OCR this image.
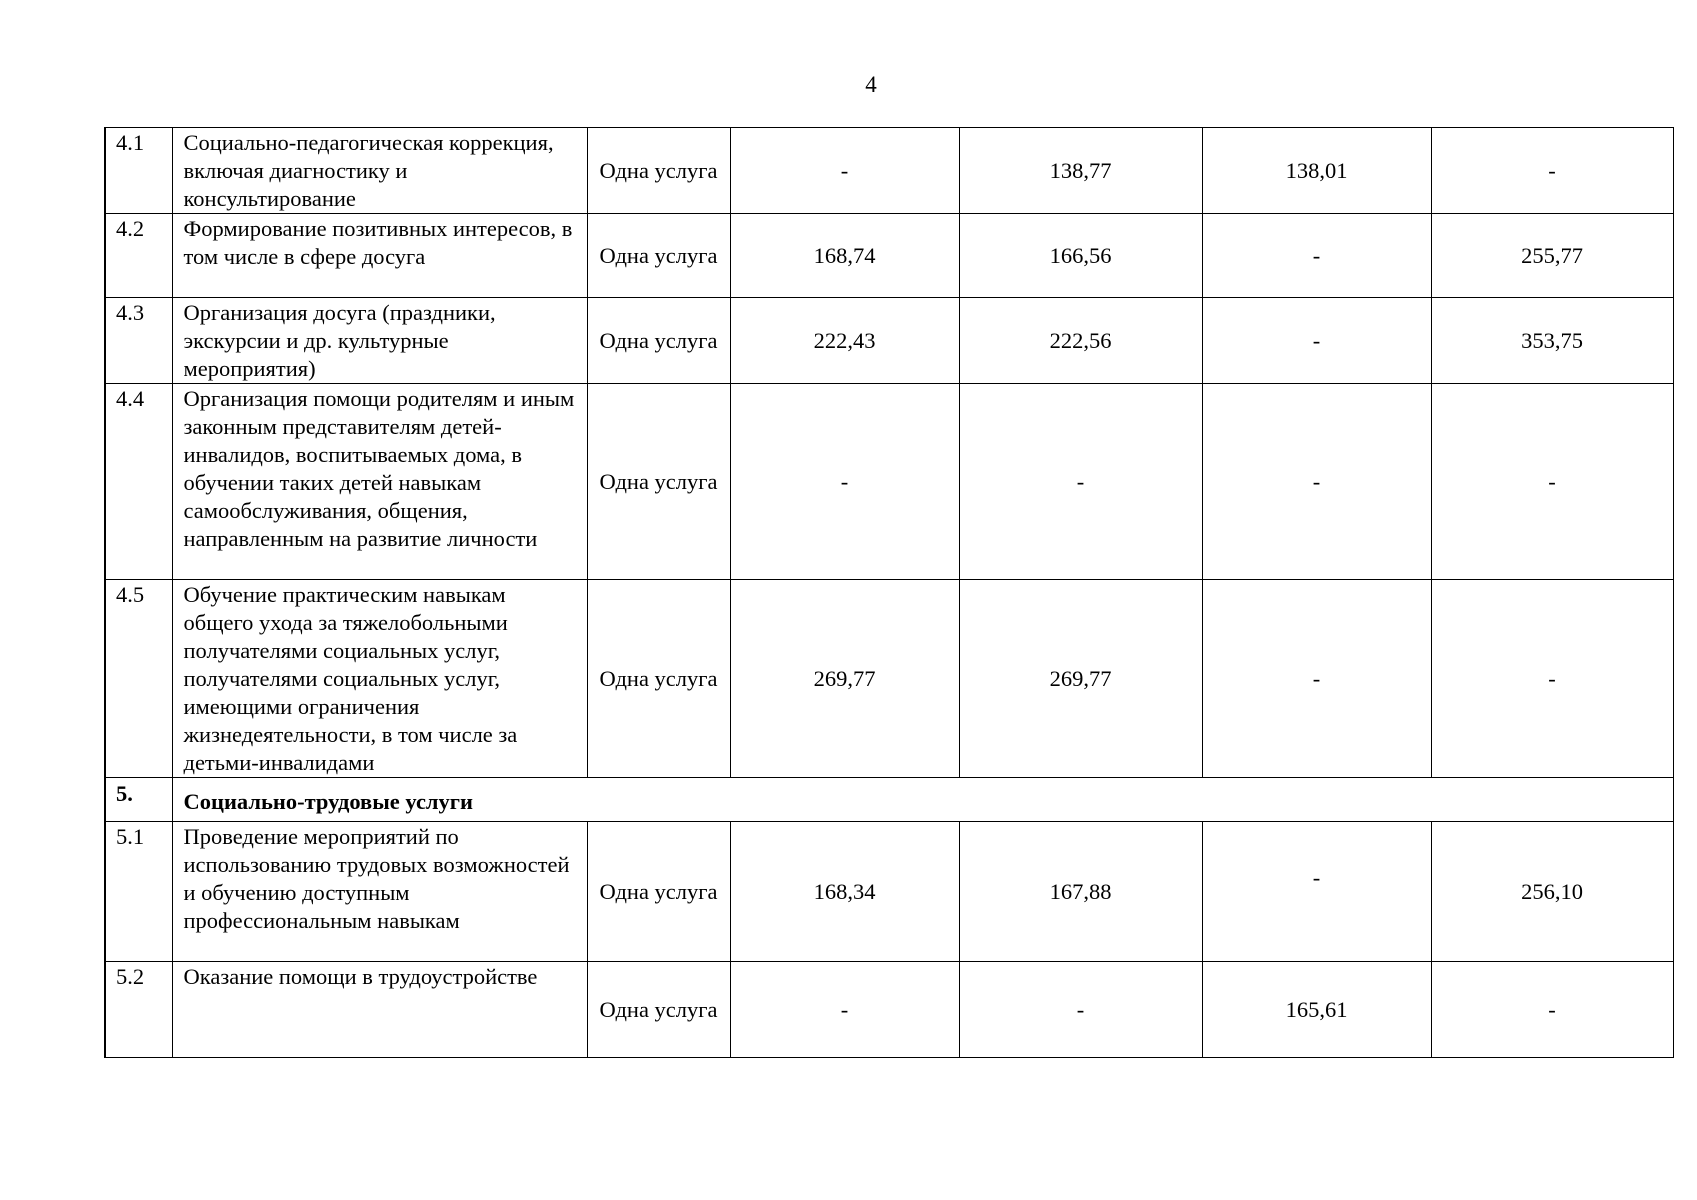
4
4.1	Социально-педагогическая коррекция, включая диагностику и консультирование	Одна услуга	-	138,77	138,01	-
4.2	Формирование позитивных интересов, в том числе в сфере досуга	Одна услуга	168,74	166,56	-	255,77
4.3	Организация досуга (праздники, экскурсии и др. культурные мероприятия)	Одна услуга	222,43	222,56	-	353,75
4.4	Организация помощи родителям и иным законным представителям детей-инвалидов, воспитываемых дома, в обучении таких детей навыкам самообслуживания, общения, направленным на развитие личности	Одна услуга	-	-	-	-
4.5	Обучение практическим навыкам общего ухода за тяжелобольными получателями социальных услуг, получателями социальных услуг, имеющими ограничения жизнедеятельности, в том числе за детьми-инвалидами	Одна услуга	269,77	269,77	-	-
5.	Социально-трудовые услуги					
5.1	Проведение мероприятий по использованию трудовых возможностей и обучению доступным профессиональным навыкам	Одна услуга	168,34	167,88	-	256,10
5.2	Оказание помощи в трудоустройстве	Одна услуга	-	-	165,61	-
